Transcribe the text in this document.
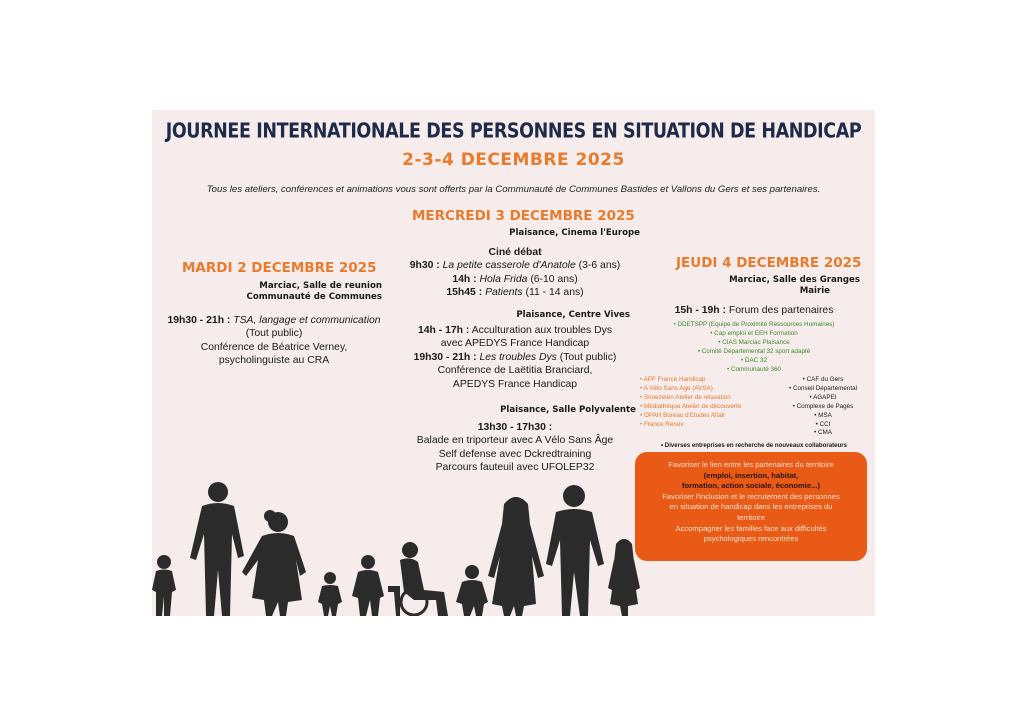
JOURNEE INTERNATIONALE DES PERSONNES EN SITUATION DE HANDICAP
2-3-4 DECEMBRE 2025
Tous les ateliers, conférences et animations vous sont offerts par la Communauté de Communes Bastides et Vallons du Gers et ses partenaires.
MARDI 2 DECEMBRE 2025
Marciac, Salle de reunion
Communauté de Communes
19h30 - 21h : TSA, langage et communication
(Tout public)
Conférence de Béatrice Verney,
psycholinguiste au CRA
MERCREDI 3 DECEMBRE 2025
Plaisance, Cinema l'Europe
Ciné débat
9h30 : La petite casserole d'Anatole (3-6 ans)
14h : Hola Frida (6-10 ans)
15h45 : Patients (11 - 14 ans)
Plaisance, Centre Vives
14h - 17h : Acculturation aux troubles Dys
avec APEDYS France Handicap
19h30 - 21h : Les troubles Dys (Tout public)
Conférence de Laëtitia Branciard,
APEDYS France Handicap
Plaisance, Salle Polyvalente
13h30 - 17h30 :
Balade en triporteur avec A Vélo Sans Âge
Self defense avec Dckredtraining
Parcours fauteuil avec UFOLEP32
JEUDI 4 DECEMBRE 2025
Marciac, Salle des Granges
Mairie
15h - 19h : Forum des partenaires
• DDETSPP (Equipe de Proximité Ressources Humaines)
• Cap emploi et EEH Formation
• CIAS Marciac Plaisance
• Comité Départemental 32 sport adapté
• DAC 32
• Communauté 360
• APF France Handicap
• A Vélo Sans Age (AVSA)
• Snoezelen Atelier de relaxation
• Médiathèque Atelier de découverte
• OPAH Bureau d'Etudes Altair
• France Rénov
• CAF du Gers
• Conseil Départemental
• AGAPEI
• Complexe de Pagès
• MSA
• CCI
• CMA
• Diverses entreprises en recherche de nouveaux collaborateurs
Favoriser le lien entre les partenaires du territoire
(emploi, insertion, habitat,
formation, action sociale, économie...)
Favoriser l'inclusion et le recrutement des personnes
en situation de handicap dans les entreprises du
territoire
Accompagner les familles face aux difficultés
psychologiques rencontrées
